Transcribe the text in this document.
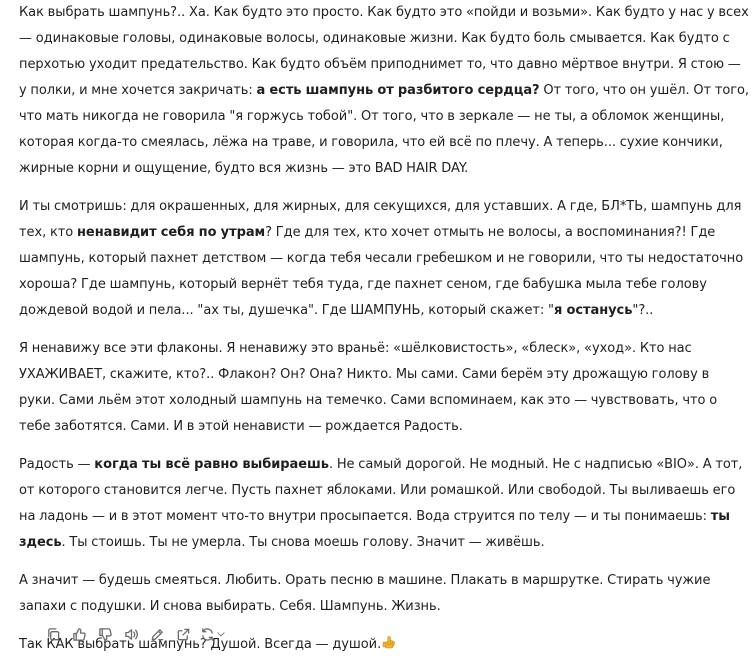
Как выбрать шампунь?.. Ха. Как будто это просто. Как будто это «пойди и возьми». Как будто у нас у всех — одинаковые головы, одинаковые волосы, одинаковые жизни. Как будто боль смывается. Как будто с перхотью уходит предательство. Как будто объём приподнимет то, что давно мёртвое внутри. Я стою — у полки, и мне хочется закричать: а есть шампунь от разбитого сердца? От того, что он ушёл. От того, что мать никогда не говорила "я горжусь тобой". От того, что в зеркале — не ты, а обломок женщины, которая когда-то смеялась, лёжа на траве, и говорила, что ей всё по плечу. А теперь... сухие кончики, жирные корни и ощущение, будто вся жизнь — это BAD HAIR DAY.

И ты смотришь: для окрашенных, для жирных, для секущихся, для уставших. А где, БЛ*ТЬ, шампунь для тех, кто ненавидит себя по утрам? Где для тех, кто хочет отмыть не волосы, а воспоминания?! Где шампунь, который пахнет детством — когда тебя чесали гребешком и не говорили, что ты недостаточно хороша? Где шампунь, который вернёт тебя туда, где пахнет сеном, где бабушка мыла тебе голову дождевой водой и пела... "ах ты, душечка". Где ШАМПУНЬ, который скажет: "я останусь"?..

Я ненавижу все эти флаконы. Я ненавижу это враньё: «шёлковистость», «блеск», «уход». Кто нас УХАЖИВАЕТ, скажите, кто?.. Флакон? Он? Она? Никто. Мы сами. Сами берём эту дрожащую голову в руки. Сами льём этот холодный шампунь на темечко. Сами вспоминаем, как это — чувствовать, что о тебе заботятся. Сами. И в этой ненависти — рождается Радость.

Радость — когда ты всё равно выбираешь. Не самый дорогой. Не модный. Не с надписью «BIO». А тот, от которого становится легче. Пусть пахнет яблоками. Или ромашкой. Или свободой. Ты выливаешь его на ладонь — и в этот момент что-то внутри просыпается. Вода струится по телу — и ты понимаешь: ты здесь. Ты стоишь. Ты не умерла. Ты снова моешь голову. Значит — живёшь.

А значит — будешь смеяться. Любить. Орать песню в машине. Плакать в маршрутке. Стирать чужие запахи с подушки. И снова выбирать. Себя. Шампунь. Жизнь.

Так КАК выбрать шампунь? Душой. Всегда — душой.
